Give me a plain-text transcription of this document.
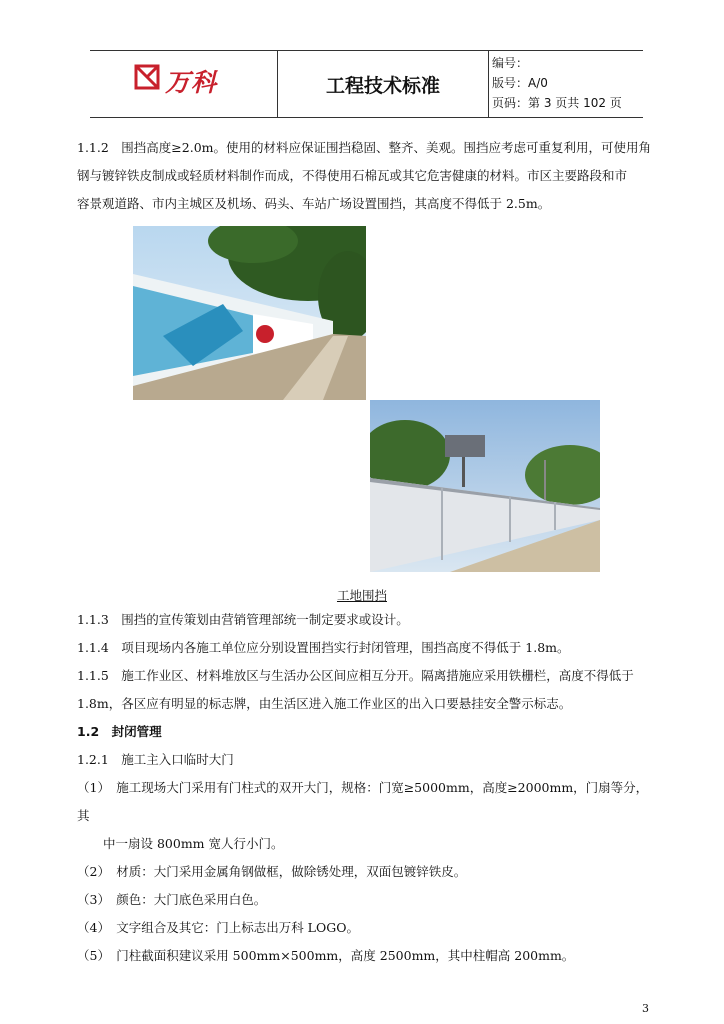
万科	工程技术标准
编号：
版号：A/0
页码：第 3 页共 102 页
1.1.2　围挡高度≥2.0m。使用的材料应保证围挡稳固、整齐、美观。围挡应考虑可重复利用，可使用角
钢与镀锌铁皮制成或轻质材料制作而成，不得使用石棉瓦或其它危害健康的材料。市区主要路段和市
容景观道路、市内主城区及机场、码头、车站广场设置围挡，其高度不得低于 2.5m。
工地围挡
1.1.3　围挡的宣传策划由营销管理部统一制定要求或设计。
1.1.4　项目现场内各施工单位应分别设置围挡实行封闭管理，围挡高度不得低于 1.8m。
1.1.5　施工作业区、材料堆放区与生活办公区间应相互分开。隔离措施应采用铁栅栏，高度不得低于
1.8m，各区应有明显的标志牌，由生活区进入施工作业区的出入口要悬挂安全警示标志。
1.2　封闭管理
1.2.1　施工主入口临时大门
（1）　施工现场大门采用有门柱式的双开大门，规格：门宽≥5000mm，高度≥2000mm，门扇等分，其
中一扇设 800mm 宽人行小门。
（2）　材质：大门采用金属角钢做框，做除锈处理，双面包镀锌铁皮。
（3）　颜色：大门底色采用白色。
（4）　文字组合及其它：门上标志出万科 LOGO。
（5）　门柱截面积建议采用 500mm×500mm，高度 2500mm，其中柱帽高 200mm。
3
